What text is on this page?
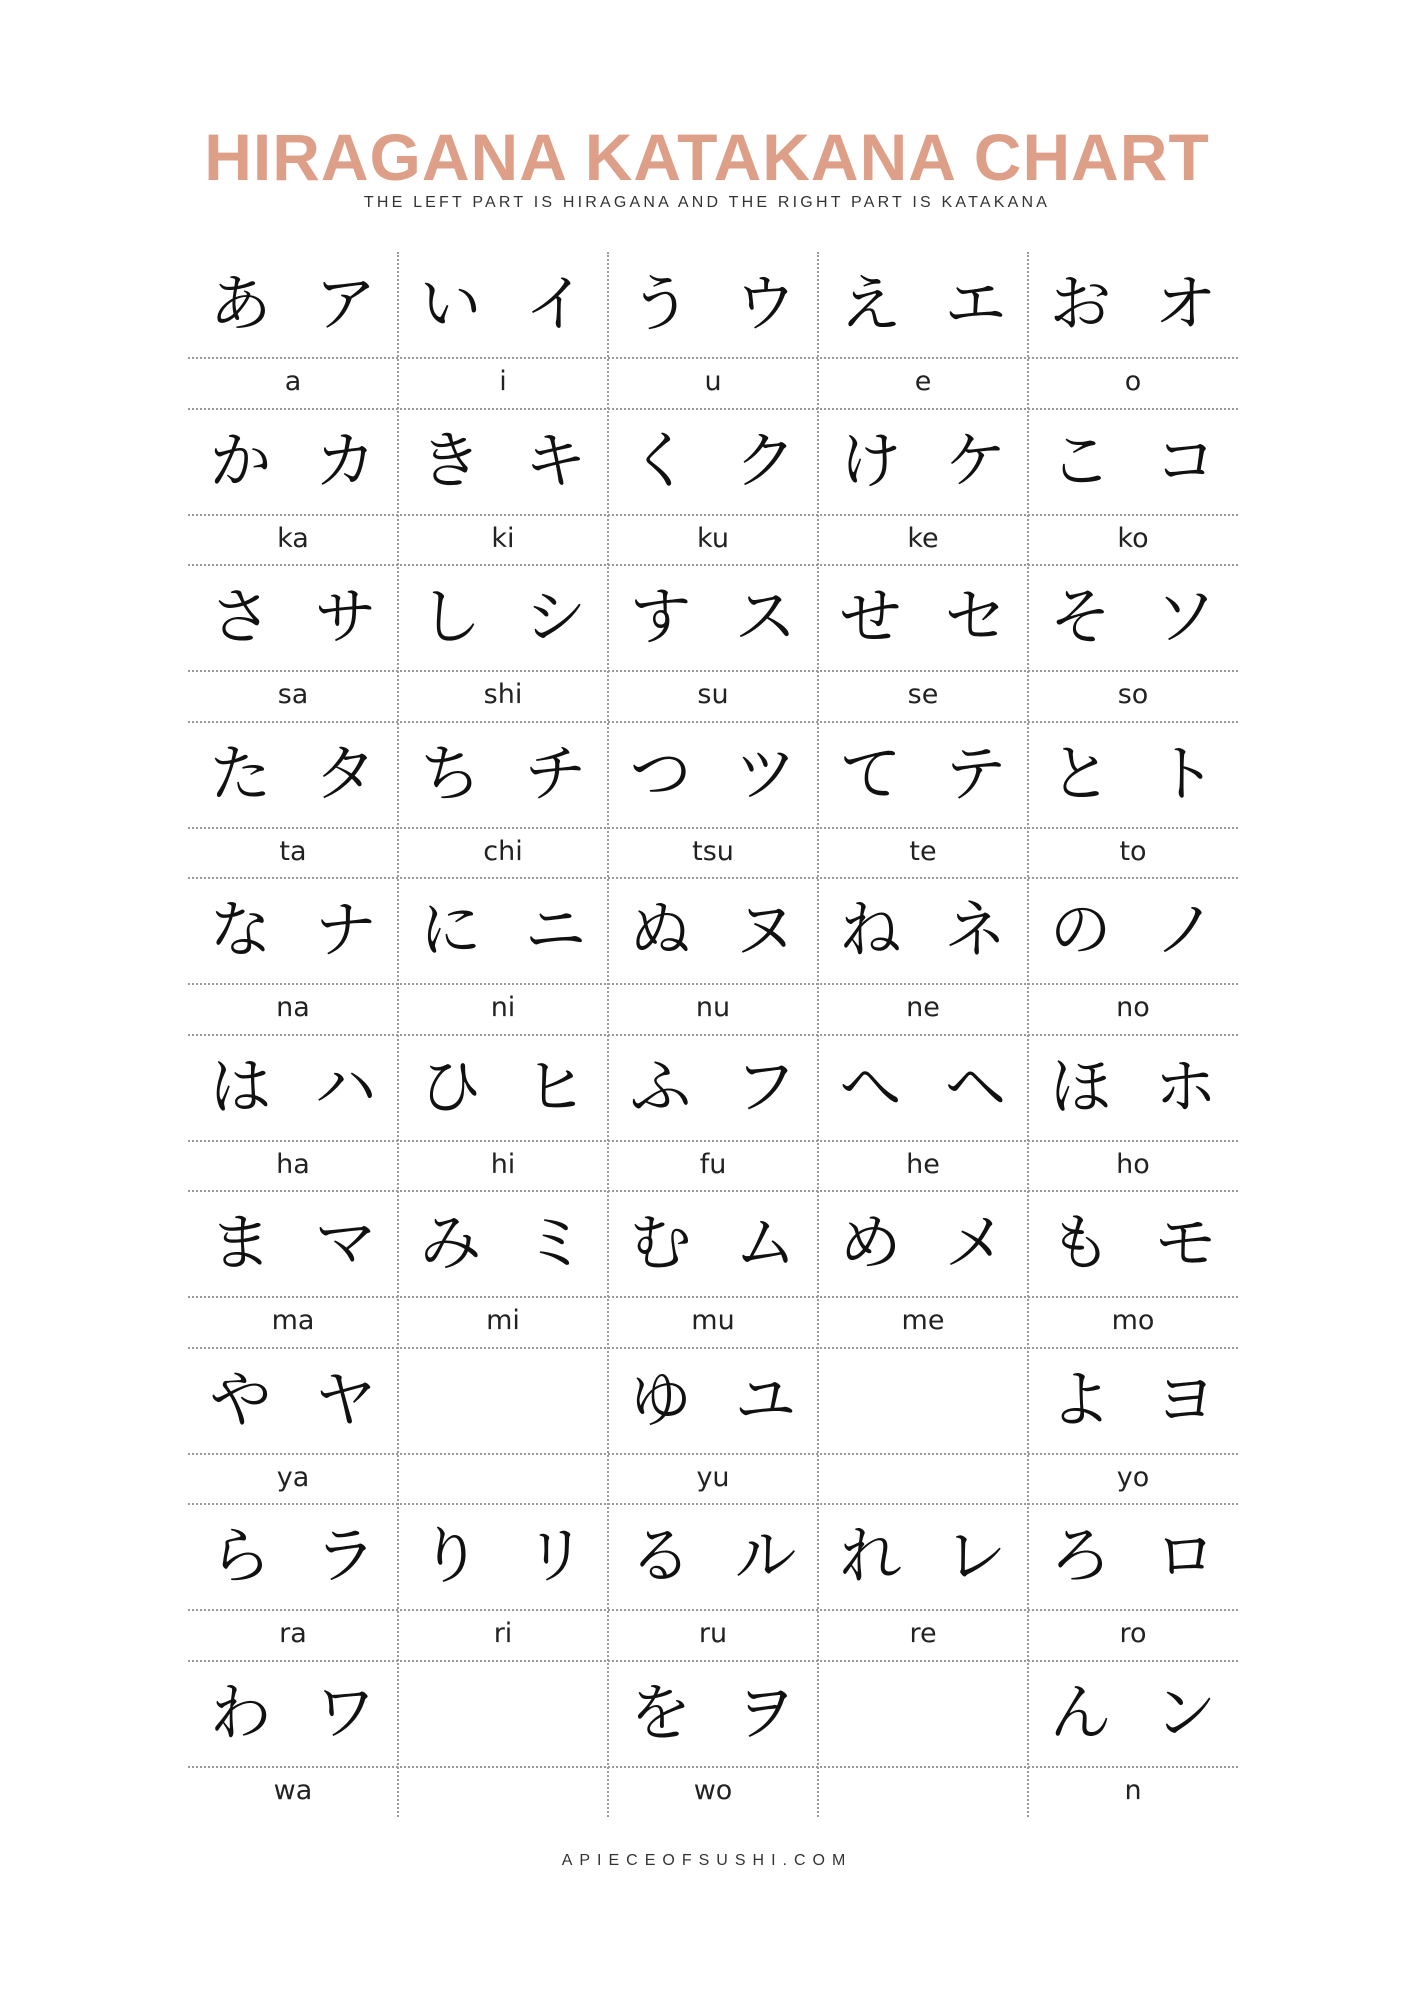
HIRAGANA KATAKANA CHART
THE LEFT PART IS HIRAGANA AND THE RIGHT PART IS KATAKANA
あ ア
a
い イ
i
う ウ
u
え エ
e
お オ
o
か カ
ka
き キ
ki
く ク
ku
け ケ
ke
こ コ
ko
さ サ
sa
し シ
shi
す ス
su
せ セ
se
そ ソ
so
た タ
ta
ち チ
chi
つ ツ
tsu
て テ
te
と ト
to
な ナ
na
に ニ
ni
ぬ ヌ
nu
ね ネ
ne
の ノ
no
は ハ
ha
ひ ヒ
hi
ふ フ
fu
へ ヘ
he
ほ ホ
ho
ま マ
ma
み ミ
mi
む ム
mu
め メ
me
も モ
mo
や ヤ
ya
ゆ ユ
yu
よ ヨ
yo
ら ラ
ra
り リ
ri
る ル
ru
れ レ
re
ろ ロ
ro
わ ワ
wa
を ヲ
wo
ん ン
n
APIECEOFSUSHI.COM
